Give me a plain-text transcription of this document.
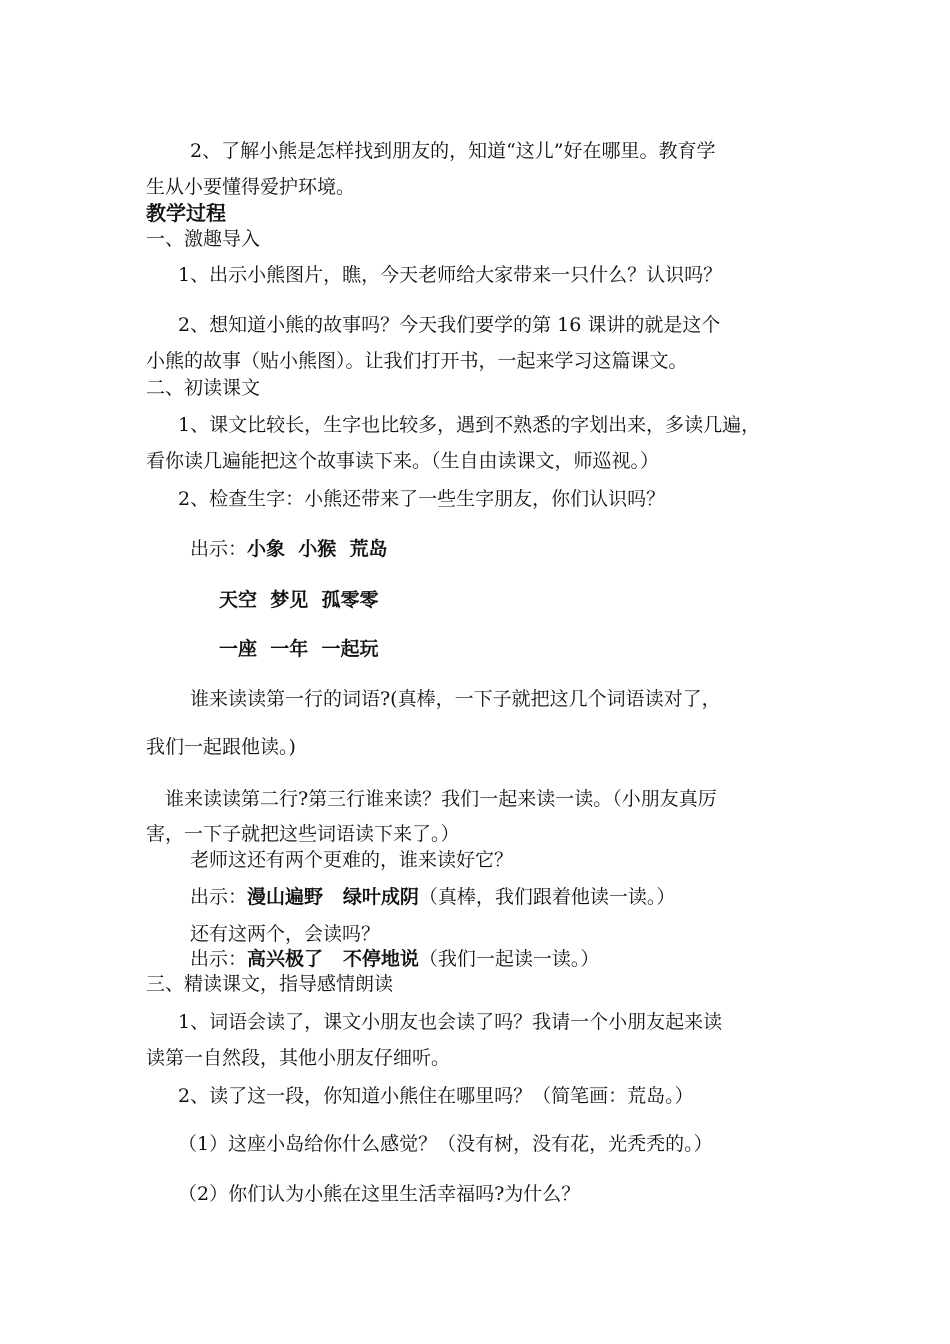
2、了解小熊是怎样找到朋友的，知道“这儿”好在哪里。教育学

生从小要懂得爱护环境。

教学过程

一、激趣导入

1、出示小熊图片，瞧，今天老师给大家带来一只什么？认识吗？

2、想知道小熊的故事吗？今天我们要学的第 16 课讲的就是这个

小熊的故事（贴小熊图）。让我们打开书，一起来学习这篇课文。

二、初读课文

1、课文比较长，生字也比较多，遇到不熟悉的字划出来，多读几遍，

看你读几遍能把这个故事读下来。（生自由读课文，师巡视。）

2、检查生字：小熊还带来了一些生字朋友，你们认识吗？

出示：小象  小猴  荒岛

天空  梦见  孤零零

一座  一年  一起玩

谁来读读第一行的词语?(真棒，一下子就把这几个词语读对了，

我们一起跟他读。)

谁来读读第二行?第三行谁来读？我们一起来读一读。（小朋友真厉

害，一下子就把这些词语读下来了。）

老师这还有两个更难的，谁来读好它？

出示：漫山遍野   绿叶成阴（真棒，我们跟着他读一读。）

还有这两个，会读吗？

出示：高兴极了   不停地说（我们一起读一读。）

三、精读课文，指导感情朗读

1、词语会读了，课文小朋友也会读了吗？我请一个小朋友起来读

读第一自然段，其他小朋友仔细听。

2、读了这一段，你知道小熊住在哪里吗？（简笔画：荒岛。）

（1）这座小岛给你什么感觉？（没有树，没有花，光秃秃的。）

（2）你们认为小熊在这里生活幸福吗?为什么？
